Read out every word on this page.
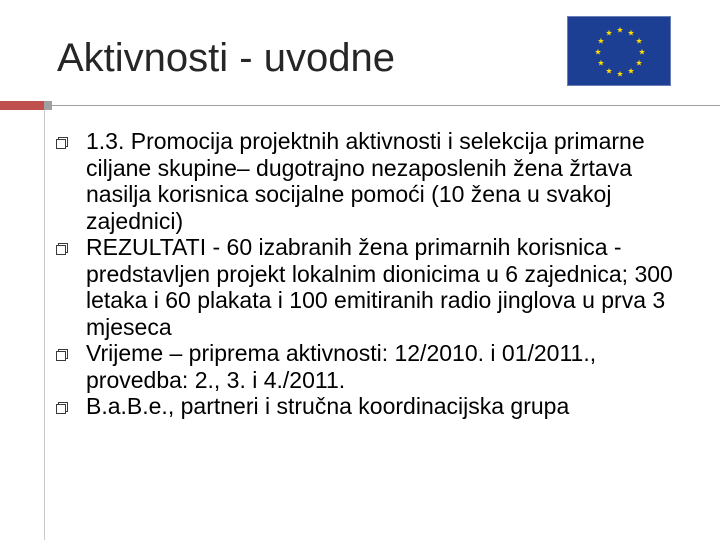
Aktivnosti - uvodne
1.3. Promocija projektnih aktivnosti i selekcija primarne ciljane skupine– dugotrajno nezaposlenih žena žrtava nasilja korisnica socijalne pomoći (10 žena u svakoj zajednici)
REZULTATI - 60 izabranih žena primarnih korisnica - predstavljen projekt lokalnim dionicima u 6 zajednica; 300 letaka i 60 plakata i 100 emitiranih radio jinglova u prva 3 mjeseca
Vrijeme – priprema aktivnosti: 12/2010. i 01/2011., provedba: 2., 3. i 4./2011.
B.a.B.e., partneri i stručna koordinacijska grupa
